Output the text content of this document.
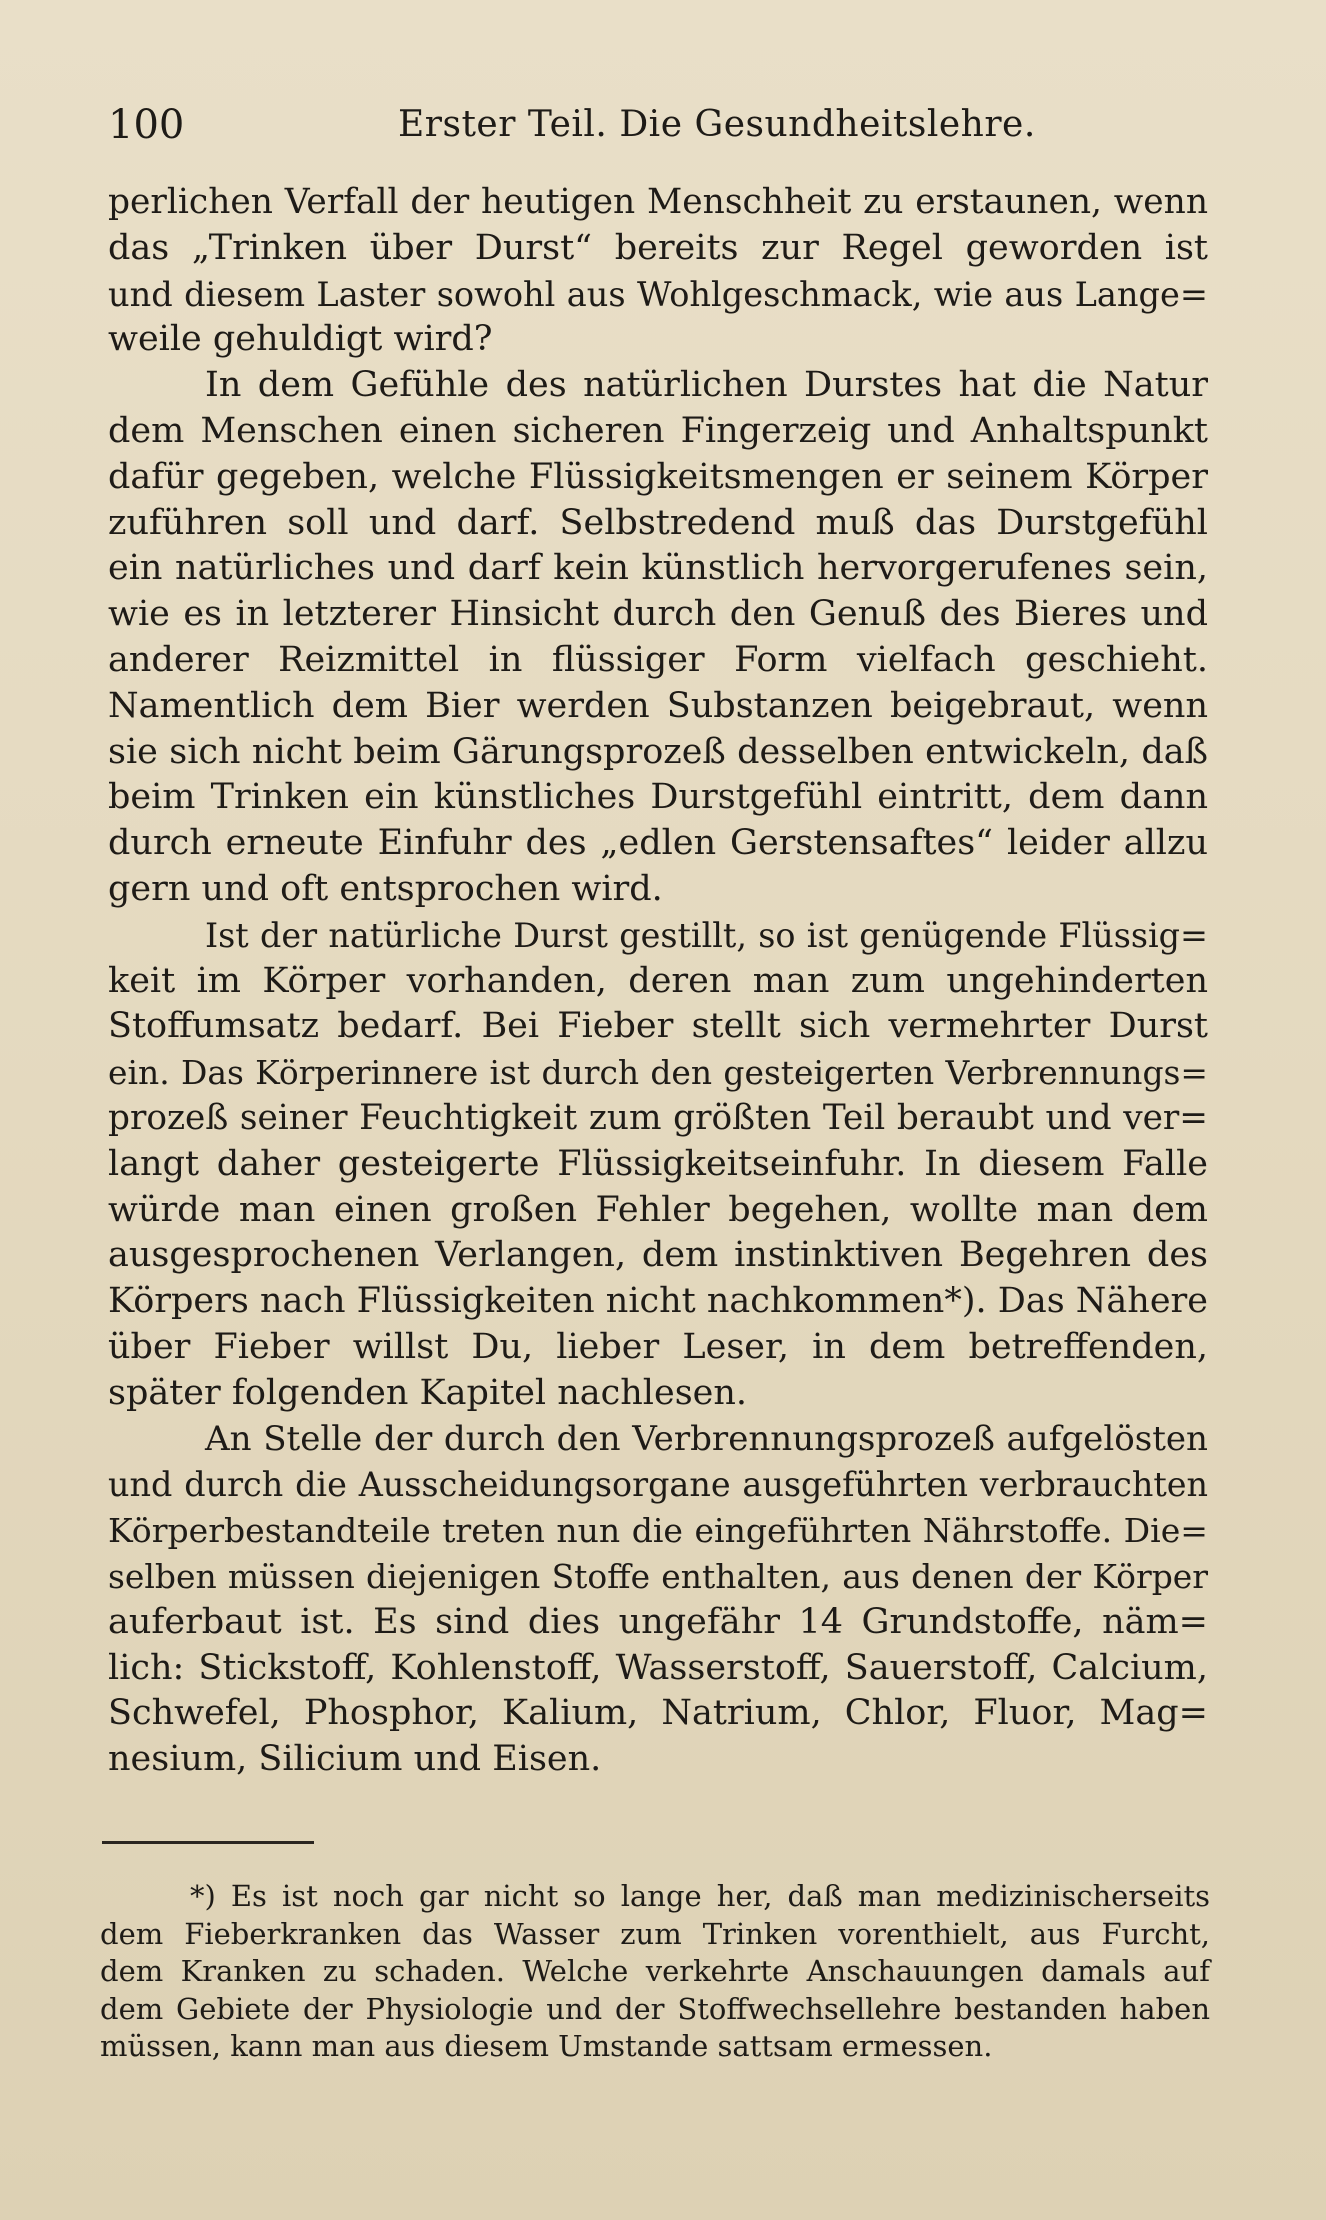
100	Erster Teil. Die Gesundheitslehre.

perlichen Verfall der heutigen Menschheit zu erstaunen, wenn
das „Trinken über Durst“ bereits zur Regel geworden ist
und diesem Laster sowohl aus Wohlgeschmack, wie aus Lange=
weile gehuldigt wird?

In dem Gefühle des natürlichen Durstes hat die Natur
dem Menschen einen sicheren Fingerzeig und Anhaltspunkt
dafür gegeben, welche Flüssigkeitsmengen er seinem Körper
zuführen soll und darf. Selbstredend muß das Durstgefühl
ein natürliches und darf kein künstlich hervorgerufenes sein,
wie es in letzterer Hinsicht durch den Genuß des Bieres und
anderer Reizmittel in flüssiger Form vielfach geschieht.
Namentlich dem Bier werden Substanzen beigebraut, wenn
sie sich nicht beim Gärungsprozeß desselben entwickeln, daß
beim Trinken ein künstliches Durstgefühl eintritt, dem dann
durch erneute Einfuhr des „edlen Gerstensaftes“ leider allzu
gern und oft entsprochen wird.

Ist der natürliche Durst gestillt, so ist genügende Flüssig=
keit im Körper vorhanden, deren man zum ungehinderten
Stoffumsatz bedarf. Bei Fieber stellt sich vermehrter Durst
ein. Das Körperinnere ist durch den gesteigerten Verbrennungs=
prozeß seiner Feuchtigkeit zum größten Teil beraubt und ver=
langt daher gesteigerte Flüssigkeitseinfuhr. In diesem Falle
würde man einen großen Fehler begehen, wollte man dem
ausgesprochenen Verlangen, dem instinktiven Begehren des
Körpers nach Flüssigkeiten nicht nachkommen*). Das Nähere
über Fieber willst Du, lieber Leser, in dem betreffenden,
später folgenden Kapitel nachlesen.

An Stelle der durch den Verbrennungsprozeß aufgelösten
und durch die Ausscheidungsorgane ausgeführten verbrauchten
Körperbestandteile treten nun die eingeführten Nährstoffe. Die=
selben müssen diejenigen Stoffe enthalten, aus denen der Körper
auferbaut ist. Es sind dies ungefähr 14 Grundstoffe, näm=
lich: Stickstoff, Kohlenstoff, Wasserstoff, Sauerstoff, Calcium,
Schwefel, Phosphor, Kalium, Natrium, Chlor, Fluor, Mag=
nesium, Silicium und Eisen.

*) Es ist noch gar nicht so lange her, daß man medizinischerseits
dem Fieberkranken das Wasser zum Trinken vorenthielt, aus Furcht,
dem Kranken zu schaden. Welche verkehrte Anschauungen damals auf
dem Gebiete der Physiologie und der Stoffwechsellehre bestanden haben
müssen, kann man aus diesem Umstande sattsam ermessen.
